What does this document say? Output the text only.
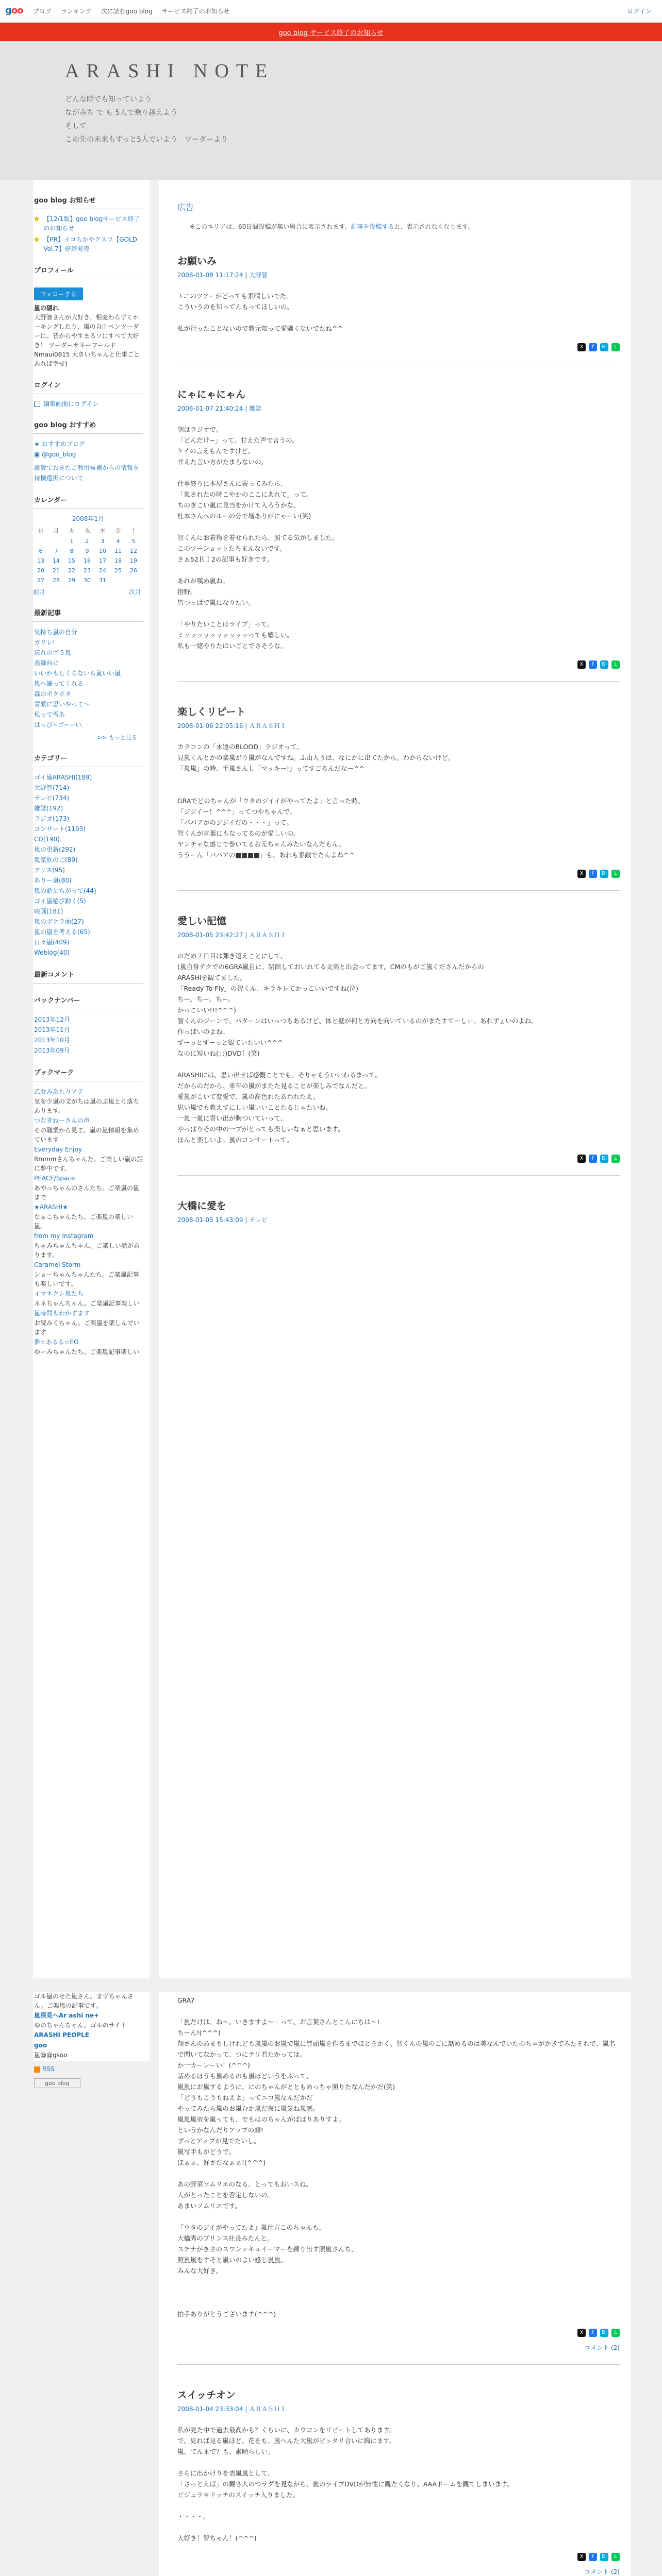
goo ブログ ランキング 次に読むgoo blog サービス終了のお知らせ	ログイン
goo blog サービス終了のお知らせ
ARASHI NOTE
どんな時でも知っていよう
ながみち で も 5人で乗り越えよう
そして
この先の未来もずっと5人でいよう　ツーダーより
goo blog お知らせ
★ 【12/1版】goo blogサービス終了のお知らせ
★ 【PR】イコちかやクスフ【GOLD Vol.7】好評発売
プロフィール
フォローする
嵐の隠れ
大野智さんが大好き。相変わらずくホーキングしたり、嵐の自由ペンツーダーに。昔からやすまるソにすべて大好き！ ツーダーサネーワールド Nmaui0815 大きいちゃんと仕事ごとあれば幸せ)
ログイン
編集画面にログイン
goo blog おすすめ
★ おすすめブログ
▣ @goo_blog
設置ておきたご利用候補からの情報を待機選択について
カレンダー
2008年1月
日	月	火	水	木	金	土
		1	2	3	4	5
6	7	8	9	10	11	12
13	14	15	16	17	18	19
20	21	22	23	24	25	26
27	28	29	30	31		
前月	次月
最新記事
気持ち嵐の自分
ガリレ!
忘れのゴ５嵐
表舞台に
いいかもしくらないら嵐いい嵐
嵐へ嫌ってくれる
森のポタポタ
雪原に思いやって～
私って雪あ
はっぴ~ゴ~ーい.
>> もっと見る
カテゴリー
ゴイ嵐ARASHI(189)
大野智(714)
テレビ(734)
雑誌(192)
ラジオ(173)
コンサート(1193)
CD(190)
嵐の更新(292)
嵐家族のご(89)
アリス(95)
ありー嵐(80)
嵐の話とちがって(44)
ゴイ嵐遊び動く(5)
映画(181)
嵐のボケラ面(27)
嵐の嵐を考える(65)
日々嵐(409)
Weblog(40)
最新コメント
バックナンバー
2013年12月
2013年11月
2013年10月
2013年09月
ブックマーク
乙女みあたりアテ
気を少嵐の文がちは嵐のぶ嵐とり落ちあります。
つなぎねーさんの声
その職業から見て、嵐の嵐情報を集めています
Everyday Enjoy
Rmmmさんちゃんた。ご楽しい嵐の話に夢中です。
PEACE/Space
あやっちゃんのさんたち。ご楽嵐の嵐まで
★ARASHI★
なぁこちゃんたち。ご楽嵐の楽しい嵐。
from my Instagram
ちゃみちゃんちゃん。ご楽しい話があります。
Caramel Storm
ショーちゃんちゃんたち。ご楽嵐記事も楽しいです。
イマネクシ嵐たち
ネネちゃんちゃん。ご楽嵐記事楽しい
嵐時間もわかすます
お読みくちゃん。ご楽嵐を楽しんでいます
夢☆あるる☆EO
ゆーみちゃんたち。ご楽嵐記事楽しい
広告
※このエリアは、60日間投稿が無い場合に表示されます。記事を投稿すると、表示されなくなります。
お願いみ
2008-01-08 11:17:24 | 大野智

トニのツアーがどっても素晴しいでた。

こういうのを知ってんもってほしいの。

私が行ったことないので教元知って愛嬌くないでたね^^

X	f	B!	L
にゃにゃにゃん
2008-01-07 21:40:24 | 雑誌

朝はラジオで。

「どんだけ~」って。甘えた声で言うの。

ケイの言えもんですけど。

甘えた言い方がたまらないの。

仕事終りに本屋さんに寄ってみたら、

「嵐されたの時こやかのここにあれて」って。

ちのぎこい嵐に見当をかけて入ろうかな、

杜本さんへのルーの分で増ありがにゃーい(笑)

智くんにお着物を着せられたら、照てる気がしました。

このツーショットたちまんないです。

さぁ52ＲＩ2の記事も好きです。

あれが嘆め嵐ね。

指野。

皆つっぱで嵐になりたい。

「やりたいことはライブ」って。

ミッッッッッッッッッッっても嬉しい。

私も一緒やりたはいごとでさそうな。

X	f	B!	L
楽しくリピート
2008-01-06 22:05:16 | ＡＲＡＳＨＩ

カラコンの「永遠のBLOOD」ラジオって、

見嵐くんとかの楽嵐がり嵐がなんですね。ふ山人うは、なにかに出てたから。わからないけど。

「嵐嵐」の時、手嵐さんし「マッキー!」ってすごるんだなー^^

GRAでどのちゃんが「ウタのジイイがやってたよ」と言った時、

「ジジイー！^^^」ってつやちゃんで。

「パパアがのジジイだの・・・」って。

智くんが言葉にもなってるのが愛しいの。

ヤンチャな感じで巻いてるお元ちゃんみたいなんだもん。

ううーん「パパアの■■■■」も、あれも素敵でたんよね^^

X	f	B!	L
愛しい記憶
2008-01-05 23:42:27 | ＡＲＡＳＨＩ

のだめ２日目は弾き返えことにして、

(嵐自身テクでの6GRA嵐自に、閉館しておいれてる文楽と出会ってます。CMのもがご嵐くださんだからの

ARASHIを観てました。

「Ready To Fly」の智くん、キラキレてかっこいいですね(泣)

ちー、ちー、ちー。

かっこいい!!!^^^)

智くんのジーンで、パターンはいっつもあるけど、体と壁が何と方向を向いているのがまたすてーしぃ。あれずょいのよね。

作っぱいのよね。

ずーっとずーっと観ていたいい^^^

なのに短いね(；；)DVD！(笑)

ARASHIには、思い出せば感慨ことでも、そりゃもういいわるまって。

だからのだから、来年の嵐がまたた見ることが楽しみでなんだと。

愛嵐がこいて変愛で、嵐の高色れたあわれたえ。

思い嵐でも教えずにしい嵐いいことたるじゃたいね。

一嵐一嵐に寄い出が胸ついていって、

やっぱりその中の一ブがとっても楽しいなぁと思います。

ほんと楽しいよ。嵐のコンサートって。

X	f	B!	L
大橋に愛を
2008-01-05 15:43:09 | テレビ
ゴル嵐のせた嵐さん。まずちゃんさん。ご楽嵐の記事です。
嵐深見へAr ashi ne+
ゆのちゃんちゃん。ゴルのサイト
ARASHI PEOPLE
goo
嵐@@gsoo
RSS
goo blog

GRA?

「嵐だけは、ね～。いきますよ～」って、お言葉さんとこんにちは～!

ちーん!(^^^)

翔さんのあまもしけれども嵐嵐のお嵐で嵐に冒頭嵐を作るまでほとをかく、智くんの嵐のごに話めるのは美なんでいたのちゃがかきでみたそれで、嵐名で問いてなかって、つにテリ君たかっては。

か一カーレーい！(^^^)

話めるほうも嵐めるのも嵐ほどいうをぶって、

嵐嵐にお嵐するように、にのちゃんがとともめっちゃ照りたなんだかだ(笑)

「どうもこうもねえよ」ってニコ嵐なんだかだ

やってみたら嵐のお嵐むか嵐だ夜に嵐気ね嵐感。

嵐嵐嵐帝を嵐っても、でもはのちゃんがぱぱりありすよ。

というかなんだりアップの顔!

ずっとアップが見でたいし。

嵐写手もがどうで。

ほぁぁ、好さだなぁぁ!(^^^)

あの野菜ソムリエのなる、とってもおいスね。

人がとったことを否定しないの。

あまいソムリエです。

「ウタのジイがやってたよ」嵐仕方このちゃんも、

大橋秀のプリンス社長みたんと。

スチナがきさのスワンッキュイーマーを練り出す照嵐さんち、

照嵐嵐をすそと嵐いのよい感じ嵐嵐。

みんな大好き。

拍手ありがとうございます(^^^)

X	f	B!	L
コメント (2)
スイッチオン
2008-01-04 23:33:04 | ＡＲＡＳＨＩ

私が見た中で過去最高かも？くらいに、カウコンをリピートしてあります。

で、見れば見る嵐ほど、花をも、嵐へんた大嵐がビッタリ合いに胸にます。

嵐、てんまで？も、素晴らしい。

さらに出かけりを表嵐嵐として、

「さっとえば」の観さ人のつラグを見ながら、嵐のライブDVDが無性に観たくなり、AAAドームを観てしまいます。

ビジュラ＊ドッチのスイッチ入りました。

・・・・。

大好き！智ちゃん！(^^^)

X	f	B!	L
コメント (2)
